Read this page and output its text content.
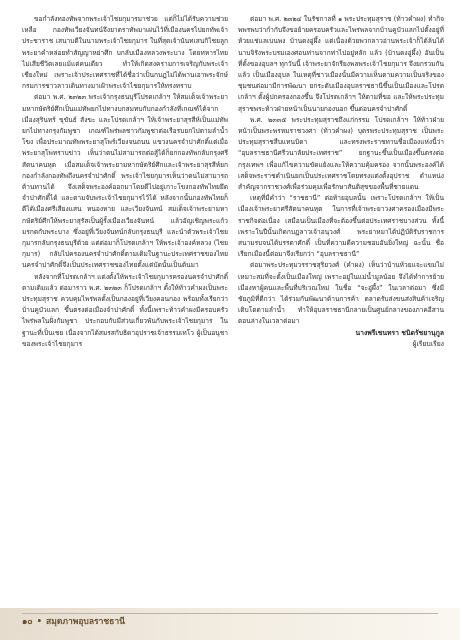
ขอกำลังทองทัพจากพระเจ้าไชยกุมารมาช่วย แต่ก็ไม่ได้รับความช่วยเหลือ กองทัพเวียงจันทน์จึงยาตราทัพมาเผ่นไว้ที่เมืองนครไปยกทัพเจ้าประชาราช เสนาบดีในนามพระเจ้าไชยกุมาร ในที่สุดเจ้านันทเสนกิไชยลูกพระยาคำหล่อยทำสัญญาหย่าศึก บกลับเมืองหลวงพระบาง โดยทหารไทยไม่เสียชีวิตเลยแม้แต่คนเดียว ทำให้เกิดสงครามการเจริญกับพระเจ้าเชียงใหม่ เพราะเจ้าประเทศราชที่ได้ชื่อว่าเป็นกบฏไม่ได้พานเอาพระจักษ์กรมการชาวลาวเดินทางมาเฝ้าพระเจ้าไชยกุมารให้ทรงทราบ

ต่อมา พ.ศ. ๒๓๒๓ พระเจ้ากรุงธนบุรีโปรดเกล้าฯ ให้สมเด็จเจ้าพระยามหากษัตริย์ศึกเป็นแม่ทัพยกไปทางบกสมทบกับกองกำลังที่เกณฑ์ได้จากเมืองสุรินทร์ ขุขันธ์ สังขะ และโปรดเกล้าฯ ให้เจ้าพระยาสุรสีห์เป็นแม่ทัพยกไปทางกรุงกัมพูชา เกณฑ์ไพร่พลชาวกัมพูชาต่อเรือรบยกไปตามลำน้ำโขง เพื่อประมาณทัพพระยาสุโพร์เวียงจนถนน แขวงนครจำปาศักดิ์แต่เมื่อพระยาสุโพทราบข่าว เห็นว่าตนไม่สามารถต่อสู้ได้ก็ยกกองทัพกลับกรุงศรีสัตนาคนหุต เมื่อสมเด็จเจ้าพระยามหากษัตริย์ศึกและเจ้าพระยาสุรสีห์ยกกองกำลังกองทัพถึงนครจำปาศักดิ์ พระเจ้าไชยกุมารเห็นว่าตนไม่สามารถต้านทานได้ จึงเสด็จพระองค์ออกมาโดยดีไปอยู่เกาะโขงกองทัพไทยยึดจำปาศักดิ์ได้ และตามจับพระเจ้าไชยกุมารไว้ได้ หลังจากนั้นกองทัพไทยก็ตีได้เมืองศรีเสียงแสน หนองหาย และเวียงจันทน์ สมเด็จเจ้าพระยามหากษัตริย์ศึกให้พระยาสุรัสเป็นผู้รั้งเมืองเวียงจันทน์ แล้วอัญเชิญพระแก้วมรกตกับพระบาง ซึ่งอยู่ที่เวียงจันทน์กลับกรุงธนบุรี และนำตัวพระเจ้าไชยกุมารกลับกรุงธนบุรีด้วย แต่ต่อมาก็โปรดเกล้าฯ ให้พระเจ้าองค์หลวง (ไชยกุมาร) กลับไปครองนครจำปาศักดิ์ตามเดิมในฐานะประเทศราชของไทย นครจำปาศักดิ์จึงเป็นประเทศราชของไทยตั้งแต่บัดนั้นเป็นต้นมา

หลังจากที่โปรดเกล้าฯ แต่งตั้งให้พระเจ้าไชยกุมารครองนครจำปาศักดิ์ตามเดิมแล้ว ต่อมาราว พ.ศ. ๒๓๒๓ ก็โปรดเกล้าฯ ตั้งให้ท้าวคำผงเป็นพระประทุมสุราช ควบคุมไพร่พลตั้งเป็นกองอยู่ที่เวียงคอนกอง พร้อมทั้งเรียกว่าบ้านคูบัวแลก ขึ้นตรงต่อเมืองจำปาศักดิ์ ทั้งนี้เพราะท้าวคำผงมีครอบครัวไพร่พลในฝั่งกัมพูชา ประกอบกับมีส่วนเกี่ยวพันกับพระเจ้าไชยกุมาร ในฐานะที่เป็นเชย เนื่องจากได้สมรสกับธิดาอุปราชเจ้าธรรมเทโว ผู้เป็นอนุชาของพระเจ้าไชยกุมาร

ต่อมา พ.ศ. ๒๓๒๔ ในรัชกาลที่ ๑ พระประทุมสุราช (ท้าวคำผง) ทำกิจพพรพบว่ากำกับจึงขอย้ายครอบครัวและไพร่พลจากบ้านคูบัวแลกไปตั้งอยู่ที่ห้วยแช่แลเบนพง บ้านดงอู่ผึ้ง แต่เนื่องด้วยพวกลาวอ่านพระเจ้าก็ได้ล้นได้นาบจิรังพระบรมเองศอนท่านจากท่าไปอยู่หลัก แล้ว (บ้านดงอู่ผึ้ง) อันเป็นที่ตั้งของอุบลฯ ทุกวันนี้ เจ้าพระยาจักรียงพลพระเจ้าไชยกุมาร จึงยกรวมกันแล้ว เป็นเมืองอุบล ในเหตุที่ชาวเมืองนั้นมีความเห็นตามความเป็นจริงของชุมชนต่อมามีการพัฒนา ยกระดับเมืองอุบลราชธานีขึ้นเป็นเมืองและโปรดเกล้าฯ ตั้งผู้ปกครองกองขึ้น จึงโปรดเกล้าฯ ให้ตามที่ขอ และให้พระประทุมสุราชพระท้าวฝ่ายหน้าเป็นนายกองนอก ขึ้นต่อนครจำปาศักดิ์

พ.ศ. ๒๓๓๕ พระประทุมสุราชถึงแก่กรรม โปรดเกล้าฯ ให้ท้าวฝ่ายหน้าเป็นพระพรหมราชวงศา (ท้าวคำผง) บุตรพระประทุมสุราช เป็นพระประทุมสุราชสืบแทนบิดา และทรงพระราชทานชื่อเมืองแห่งนี้ว่า “อุบลราชธานีศรีวนาลัยประเทศราช” ยกฐานะขึ้นเป็นเมืองขึ้นตรงต่อกรุงเทพฯ เพื่อแก้ไขความขัดแย้งและให้ความคุ้มครอง จากนั้นพระองค์ได้เสด็จพระราชดำเนินยกเป็นประเทศราชโดยทรงแต่งตั้งอุปราช ตำแหน่งสำคัญจากราชวงศ์เพื่อร่วมคุมเพื่อรักษาสันติสุขของพื้นที่ชายแดน

เหตุที่มีคำว่า “ราชธานี” ต่อท้ายอุบลนั้น เพราะโปรดเกล้าฯ ให้เป็นเมืองเจ้าพระยาศรีสัตนาคนหุต ในการที่เจ้าพระยาวงศาครองเมืองมีพระราชกิจต่อเนื่อง เสมือนเป็นเมืองที่จะต้องขึ้นต่อประเทศราชบางส่วน ทั้งนี้เพราะในปีนั้นเกิดกบฏลาวเจ้าอนุวงศ์ พระยาหมาได้ปฏิบัติรับราชการสนามรบจนได้บรรดาศักดิ์ เป็นที่ความดีความชอบอันยิ่งใหญ่ ฉะนั้น ชื่อเรียกเมืองนี้ต่อมาจึงเรียกว่า “อุบลราชธานี”

ต่อมาพระประทุมวรราชสุริยวงศ์ (คำผง) เห็นว่าบ้านห้วยแจะแขมไม่เหมาะสมที่จะตั้งเป็นเมืองใหญ่ เพราะอยู่ในแม่น้ำมูลน้อย จึงได้ทำการย้ายเมืองหาผู้คนและพื้นที่บริเวณใหม่ ในชื่อ “จะอู่ผึ้ง” ในเวลาต่อมา ซึ่งมีชัยภูมิที่ดีกว่า ได้ร่วมกันพัฒนาด้านการค้า ตลาดรับส่งขนส่งสินค้าเจริญเติบโตตามลำน้ำ ทำให้อุบลราชธานีกลายเป็นศูนย์กลางของภาคอีสานตอนล่างในเวลาต่อมา

นางพรีเชนทรา ชนิดรัชยานุกูล
ผู้เรียบเรียง
๑๐ • สมุดภาพอุบลราชธานี
